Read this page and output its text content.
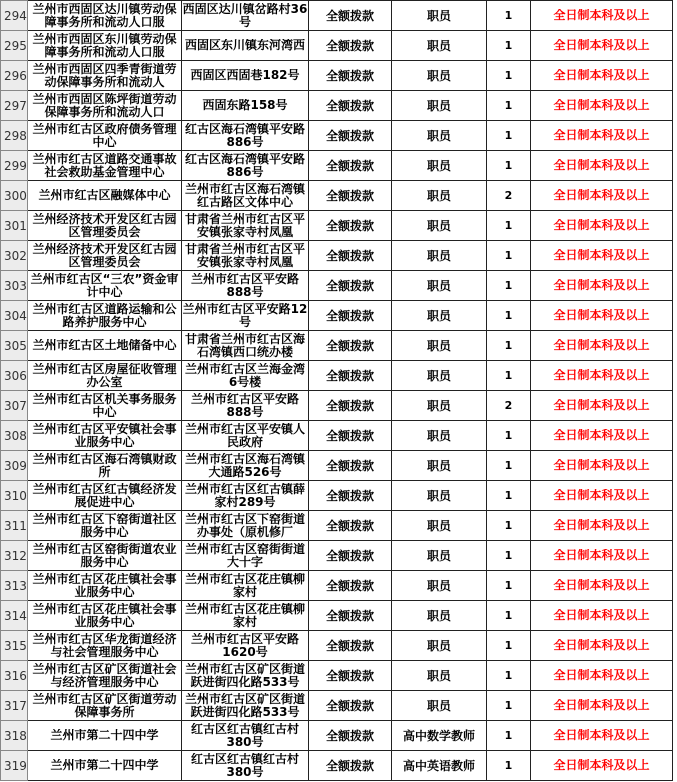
294	兰州市西固区达川镇劳动保障事务所和流动人口服	西固区达川镇岔路村36号	全额拨款	职员	1	全日制本科及以上

295	兰州市西固区东川镇劳动保障事务所和流动人口服	西固区东川镇东河湾西	全额拨款	职员	1	全日制本科及以上

296	兰州市西固区四季青街道劳动保障事务所和流动人	西固区西固巷182号	全额拨款	职员	1	全日制本科及以上

297	兰州市西固区陈坪街道劳动保障事务所和流动人口	西固东路158号	全额拨款	职员	1	全日制本科及以上

298	兰州市红古区政府债务管理中心	红古区海石湾镇平安路886号	全额拨款	职员	1	全日制本科及以上

299	兰州市红古区道路交通事故社会救助基金管理中心	红古区海石湾镇平安路886号	全额拨款	职员	1	全日制本科及以上

300	兰州市红古区融媒体中心	兰州市红古区海石湾镇红古路区文体中心	全额拨款	职员	2	全日制本科及以上

301	兰州经济技术开发区红古园区管理委员会	甘肃省兰州市红古区平安镇张家寺村凤凰	全额拨款	职员	1	全日制本科及以上

302	兰州经济技术开发区红古园区管理委员会	甘肃省兰州市红古区平安镇张家寺村凤凰	全额拨款	职员	1	全日制本科及以上

303	兰州市红古区“三农”资金审计中心	兰州市红古区平安路888号	全额拨款	职员	1	全日制本科及以上

304	兰州市红古区道路运输和公路养护服务中心	兰州市红古区平安路12号	全额拨款	职员	1	全日制本科及以上

305	兰州市红古区土地储备中心	甘肃省兰州市红古区海石湾镇西口统办楼	全额拨款	职员	1	全日制本科及以上

306	兰州市红古区房屋征收管理办公室	兰州市红古区兰海金湾6号楼	全额拨款	职员	1	全日制本科及以上

307	兰州市红古区机关事务服务中心	兰州市红古区平安路888号	全额拨款	职员	2	全日制本科及以上

308	兰州市红古区平安镇社会事业服务中心	兰州市红古区平安镇人民政府	全额拨款	职员	1	全日制本科及以上

309	兰州市红古区海石湾镇财政所	兰州市红古区海石湾镇大通路526号	全额拨款	职员	1	全日制本科及以上

310	兰州市红古区红古镇经济发展促进中心	兰州市红古区红古镇薛家村289号	全额拨款	职员	1	全日制本科及以上

311	兰州市红古区下窑街道社区服务中心	兰州市红古区下窑街道办事处（原机修厂	全额拨款	职员	1	全日制本科及以上

312	兰州市红古区窑街街道农业服务中心	兰州市红古区窑街街道大十字	全额拨款	职员	1	全日制本科及以上

313	兰州市红古区花庄镇社会事业服务中心	兰州市红古区花庄镇柳家村	全额拨款	职员	1	全日制本科及以上

314	兰州市红古区花庄镇社会事业服务中心	兰州市红古区花庄镇柳家村	全额拨款	职员	1	全日制本科及以上

315	兰州市红古区华龙街道经济与社会管理服务中心	兰州市红古区平安路1620号	全额拨款	职员	1	全日制本科及以上

316	兰州市红古区矿区街道社会与经济管理服务中心	兰州市红古区矿区街道跃进街四化路533号	全额拨款	职员	1	全日制本科及以上

317	兰州市红古区矿区街道劳动保障事务所	兰州市红古区矿区街道跃进街四化路533号	全额拨款	职员	1	全日制本科及以上

318	兰州市第二十四中学	红古区红古镇红古村380号	全额拨款	高中数学教师	1	全日制本科及以上

319	兰州市第二十四中学	红古区红古镇红古村380号	全额拨款	高中英语教师	1	全日制本科及以上
